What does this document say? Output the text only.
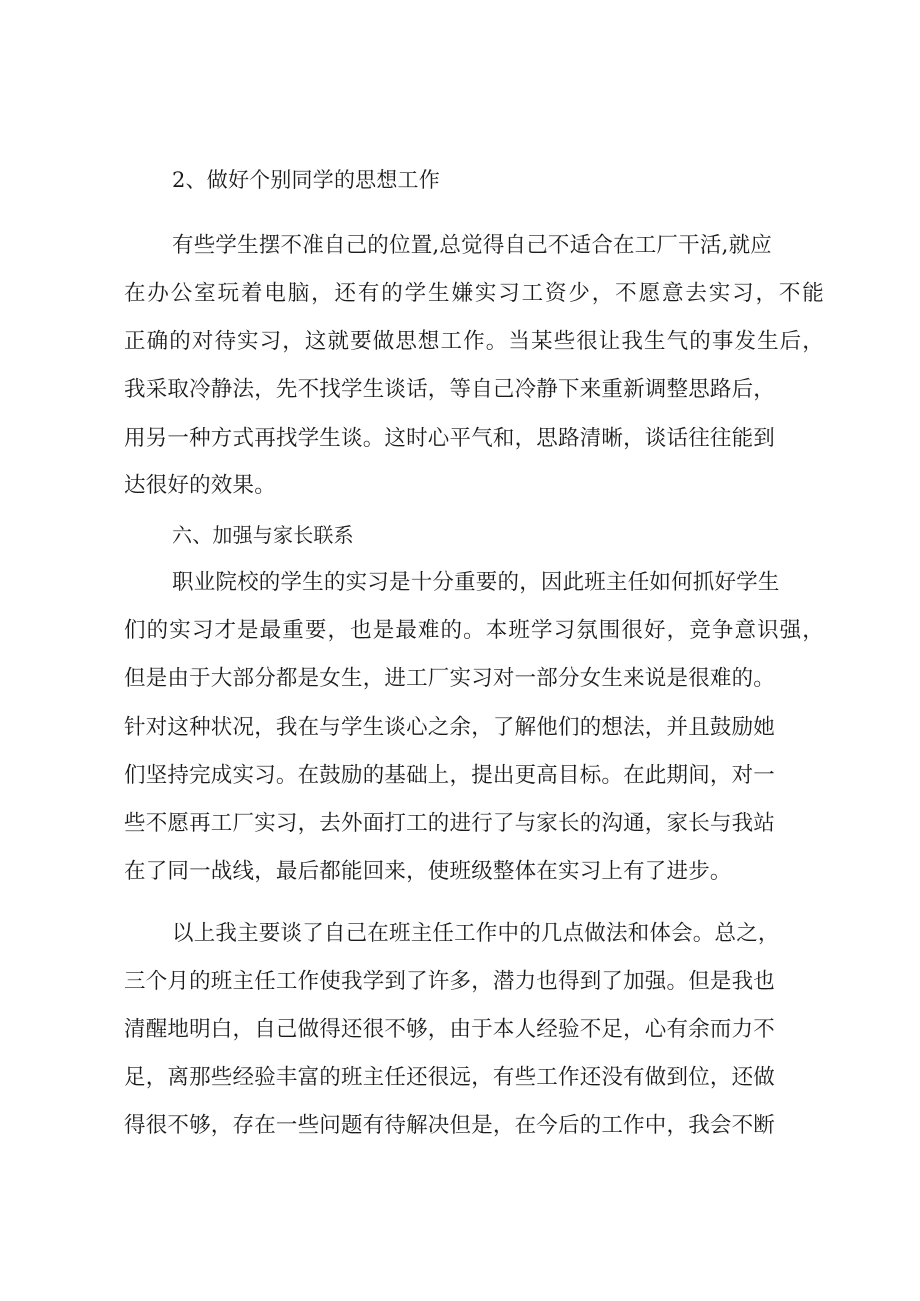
2、做好个别同学的思想工作
有些学生摆不准自己的位置,总觉得自己不适合在工厂干活,就应
在办公室玩着电脑，还有的学生嫌实习工资少，不愿意去实习，不能
正确的对待实习，这就要做思想工作。当某些很让我生气的事发生后，
我采取冷静法，先不找学生谈话，等自己冷静下来重新调整思路后，
用另一种方式再找学生谈。这时心平气和，思路清晰，谈话往往能到
达很好的效果。
六、加强与家长联系
职业院校的学生的实习是十分重要的，因此班主任如何抓好学生
们的实习才是最重要，也是最难的。本班学习氛围很好，竞争意识强，
但是由于大部分都是女生，进工厂实习对一部分女生来说是很难的。
针对这种状况，我在与学生谈心之余，了解他们的想法，并且鼓励她
们坚持完成实习。在鼓励的基础上，提出更高目标。在此期间，对一
些不愿再工厂实习，去外面打工的进行了与家长的沟通，家长与我站
在了同一战线，最后都能回来，使班级整体在实习上有了进步。
以上我主要谈了自己在班主任工作中的几点做法和体会。总之，
三个月的班主任工作使我学到了许多，潜力也得到了加强。但是我也
清醒地明白，自己做得还很不够，由于本人经验不足，心有余而力不
足，离那些经验丰富的班主任还很远，有些工作还没有做到位，还做
得很不够，存在一些问题有待解决但是，在今后的工作中，我会不断
